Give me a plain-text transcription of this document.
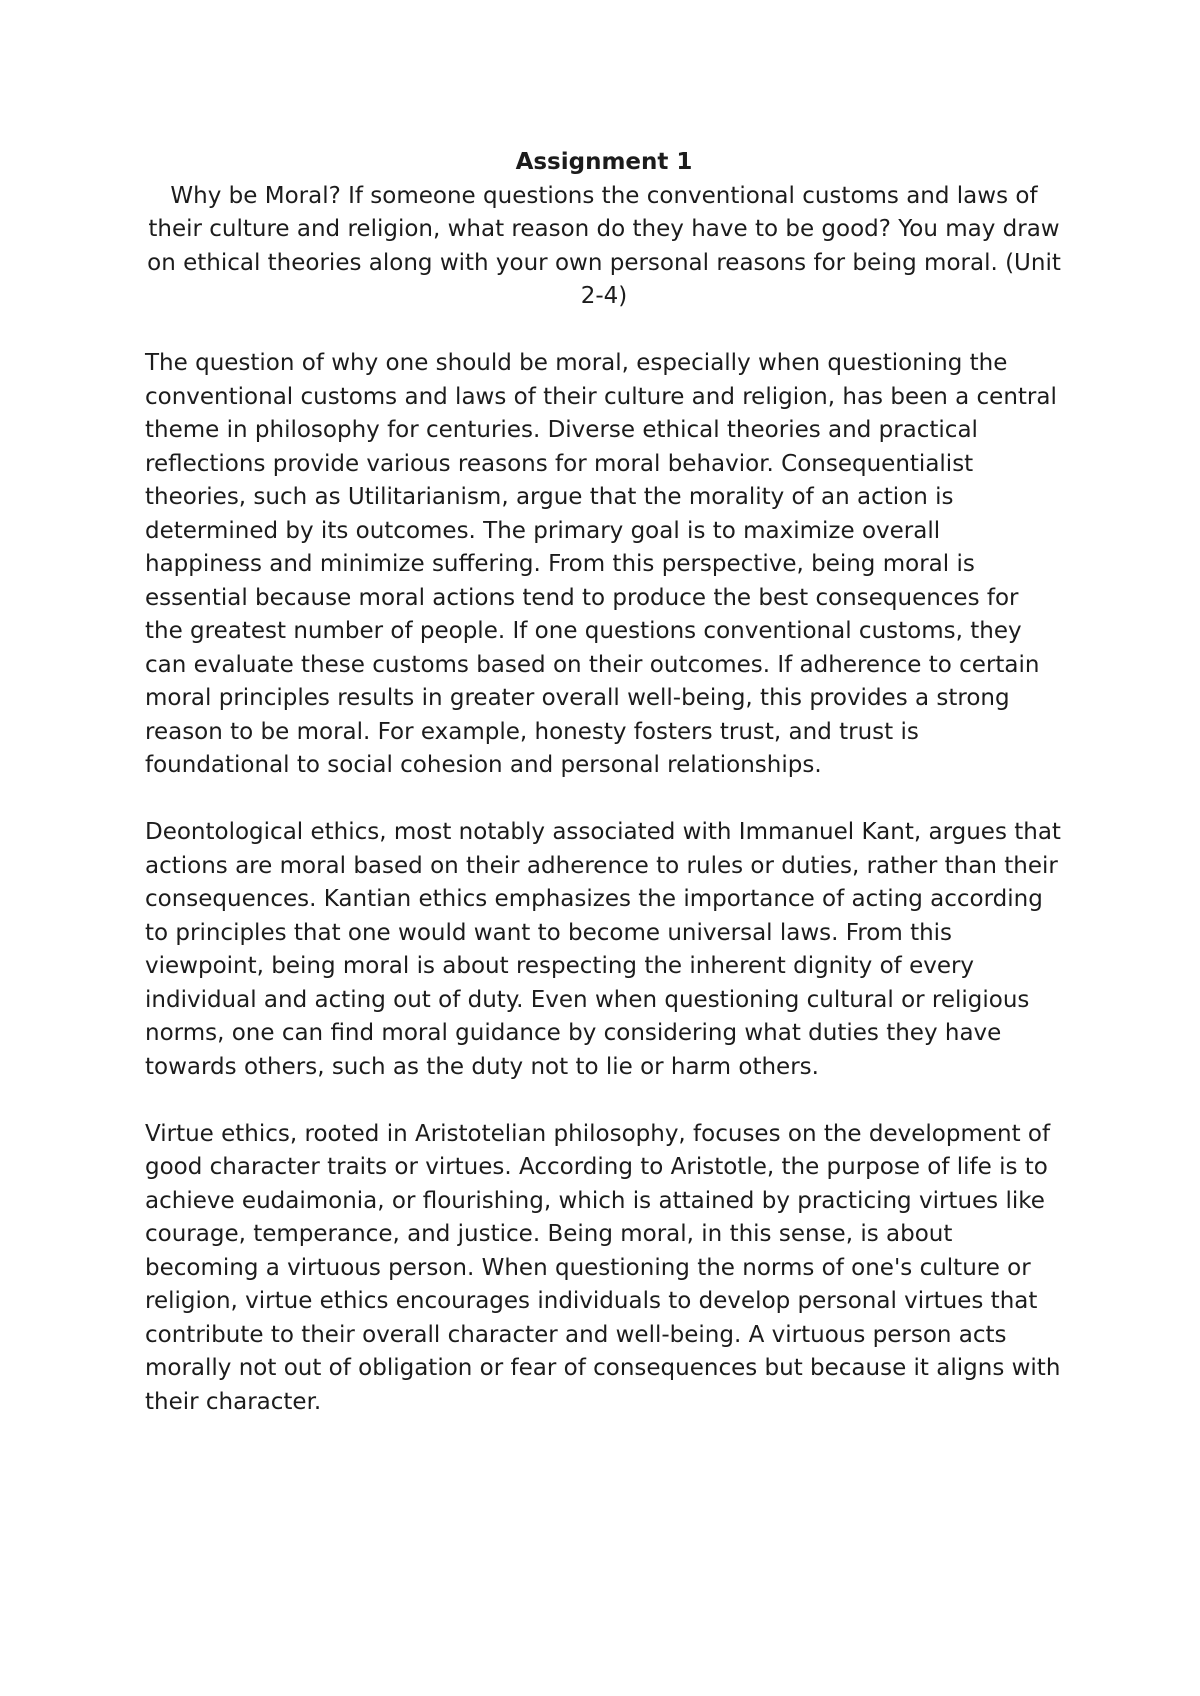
Assignment 1

Why be Moral? If someone questions the conventional customs and laws of their culture and religion, what reason do they have to be good? You may draw on ethical theories along with your own personal reasons for being moral. (Unit 2-4)

The question of why one should be moral, especially when questioning the conventional customs and laws of their culture and religion, has been a central theme in philosophy for centuries. Diverse ethical theories and practical reflections provide various reasons for moral behavior. Consequentialist theories, such as Utilitarianism, argue that the morality of an action is determined by its outcomes. The primary goal is to maximize overall happiness and minimize suffering. From this perspective, being moral is essential because moral actions tend to produce the best consequences for the greatest number of people. If one questions conventional customs, they can evaluate these customs based on their outcomes. If adherence to certain moral principles results in greater overall well-being, this provides a strong reason to be moral. For example, honesty fosters trust, and trust is foundational to social cohesion and personal relationships.

Deontological ethics, most notably associated with Immanuel Kant, argues that actions are moral based on their adherence to rules or duties, rather than their consequences. Kantian ethics emphasizes the importance of acting according to principles that one would want to become universal laws. From this viewpoint, being moral is about respecting the inherent dignity of every individual and acting out of duty. Even when questioning cultural or religious norms, one can find moral guidance by considering what duties they have towards others, such as the duty not to lie or harm others.

Virtue ethics, rooted in Aristotelian philosophy, focuses on the development of good character traits or virtues. According to Aristotle, the purpose of life is to achieve eudaimonia, or flourishing, which is attained by practicing virtues like courage, temperance, and justice. Being moral, in this sense, is about becoming a virtuous person. When questioning the norms of one's culture or religion, virtue ethics encourages individuals to develop personal virtues that contribute to their overall character and well-being. A virtuous person acts morally not out of obligation or fear of consequences but because it aligns with their character.
